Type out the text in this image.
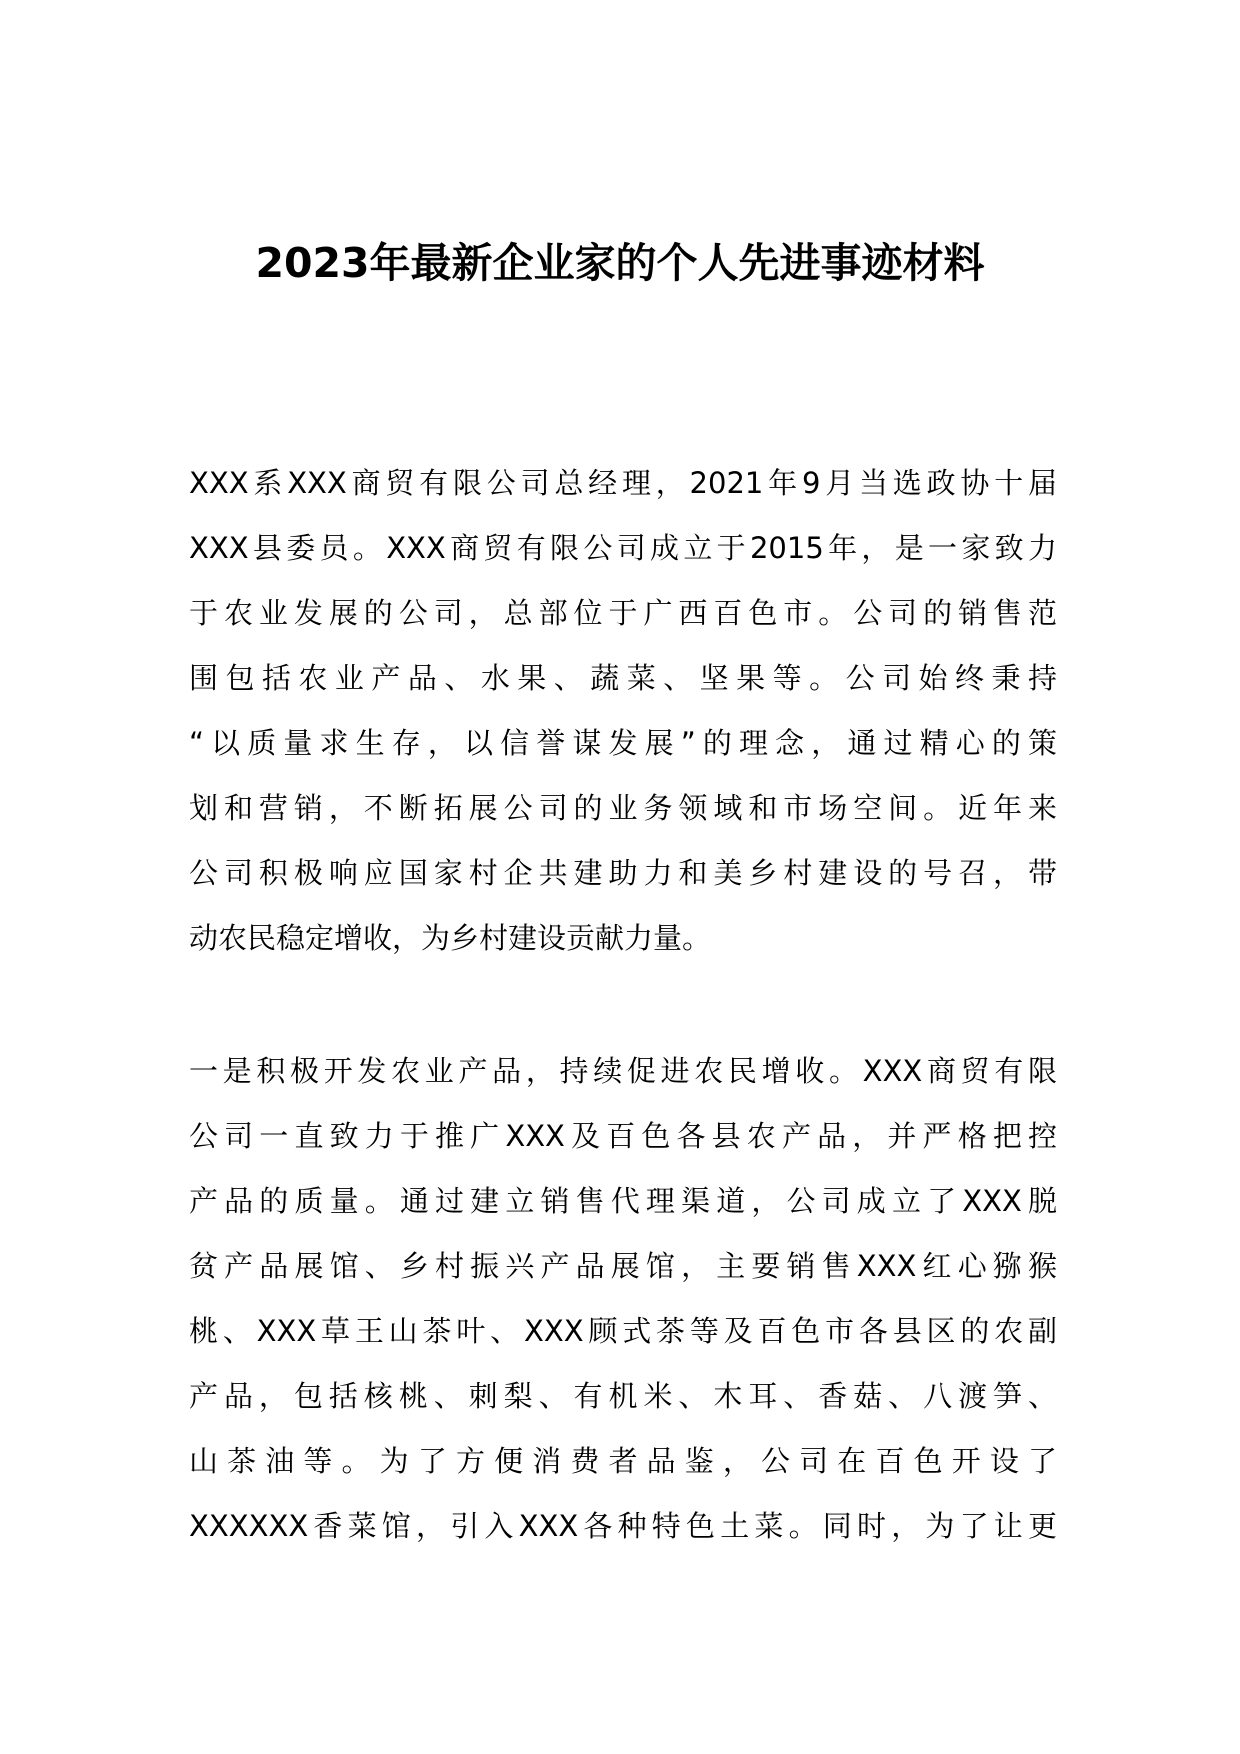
2023年最新企业家的个人先进事迹材料
XXX系XXX商贸有限公司总经理，2021年9月当选政协十届
XXX县委员。XXX商贸有限公司成立于2015年，是一家致力
于农业发展的公司，总部位于广西百色市。公司的销售范
围包括农业产品、水果、蔬菜、坚果等。公司始终秉持
“以质量求生存，以信誉谋发展”的理念，通过精心的策
划和营销，不断拓展公司的业务领域和市场空间。近年来
公司积极响应国家村企共建助力和美乡村建设的号召，带
动农民稳定增收，为乡村建设贡献力量。
一是积极开发农业产品，持续促进农民增收。XXX商贸有限
公司一直致力于推广XXX及百色各县农产品，并严格把控
产品的质量。通过建立销售代理渠道，公司成立了XXX脱
贫产品展馆、乡村振兴产品展馆，主要销售XXX红心猕猴
桃、XXX草王山茶叶、XXX顾式茶等及百色市各县区的农副
产品，包括核桃、刺梨、有机米、木耳、香菇、八渡笋、
山茶油等。为了方便消费者品鉴，公司在百色开设了
XXXXXX香菜馆，引入XXX各种特色土菜。同时，为了让更
